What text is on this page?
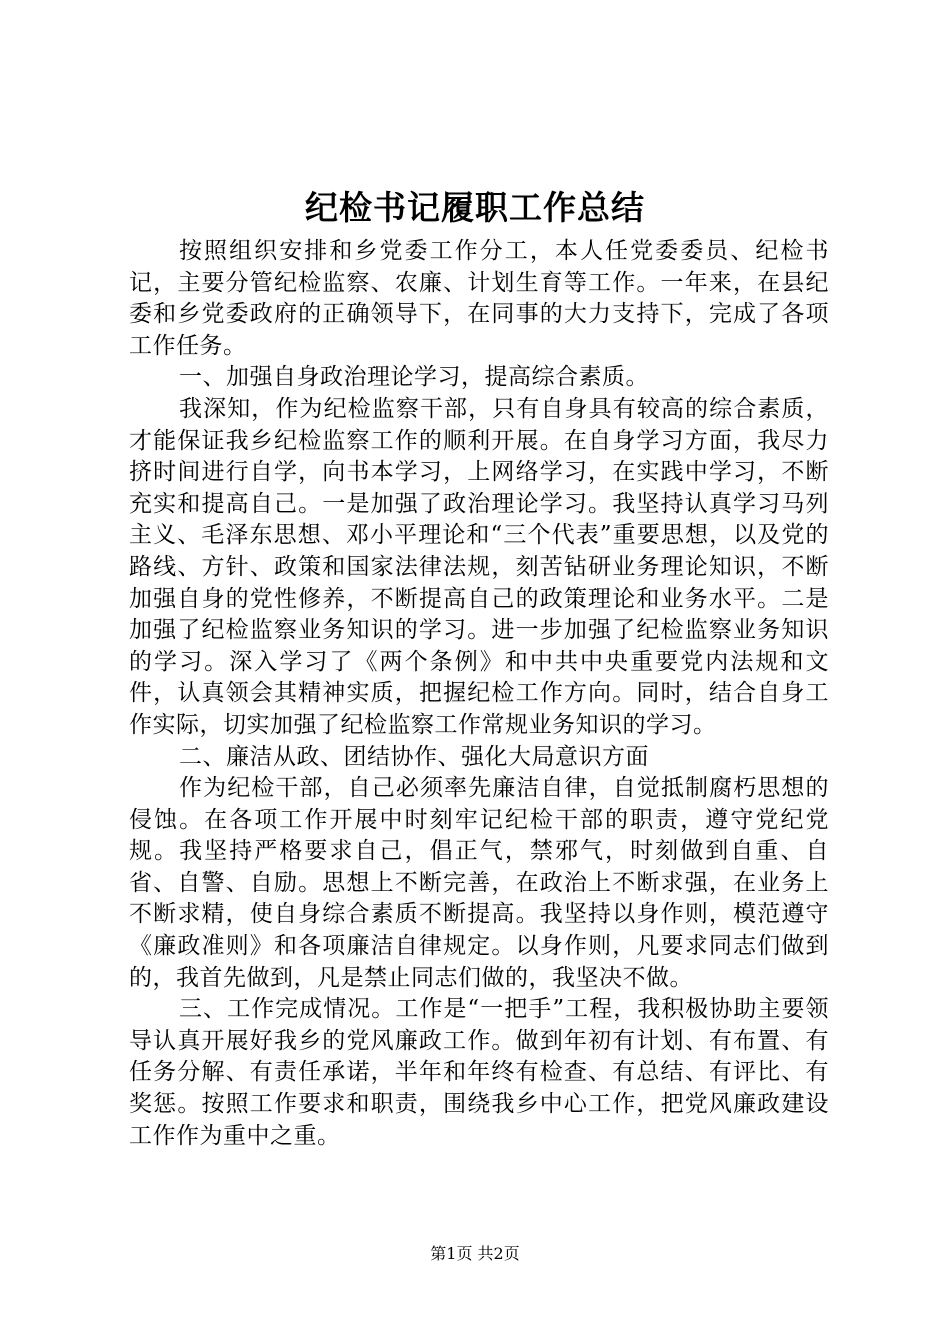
纪检书记履职工作总结

按照组织安排和乡党委工作分工，本人任党委委员、纪检书记，主要分管纪检监察、农廉、计划生育等工作。一年来，在县纪委和乡党委政府的正确领导下，在同事的大力支持下，完成了各项工作任务。

一、加强自身政治理论学习，提高综合素质。

我深知，作为纪检监察干部，只有自身具有较高的综合素质，才能保证我乡纪检监察工作的顺利开展。在自身学习方面，我尽力挤时间进行自学，向书本学习，上网络学习，在实践中学习，不断充实和提高自己。一是加强了政治理论学习。我坚持认真学习马列主义、毛泽东思想、邓小平理论和“三个代表”重要思想，以及党的路线、方针、政策和国家法律法规，刻苦钻研业务理论知识，不断加强自身的党性修养，不断提高自己的政策理论和业务水平。二是加强了纪检监察业务知识的学习。进一步加强了纪检监察业务知识的学习。深入学习了《两个条例》和中共中央重要党内法规和文件，认真领会其精神实质，把握纪检工作方向。同时，结合自身工作实际，切实加强了纪检监察工作常规业务知识的学习。

二、廉洁从政、团结协作、强化大局意识方面

作为纪检干部，自己必须率先廉洁自律，自觉抵制腐朽思想的侵蚀。在各项工作开展中时刻牢记纪检干部的职责，遵守党纪党规。我坚持严格要求自己，倡正气，禁邪气，时刻做到自重、自省、自警、自励。思想上不断完善，在政治上不断求强，在业务上不断求精，使自身综合素质不断提高。我坚持以身作则，模范遵守《廉政准则》和各项廉洁自律规定。以身作则，凡要求同志们做到的，我首先做到，凡是禁止同志们做的，我坚决不做。

三、工作完成情况。工作是“一把手”工程，我积极协助主要领导认真开展好我乡的党风廉政工作。做到年初有计划、有布置、有任务分解、有责任承诺，半年和年终有检查、有总结、有评比、有奖惩。按照工作要求和职责，围绕我乡中心工作，把党风廉政建设工作作为重中之重。

第1页 共2页
